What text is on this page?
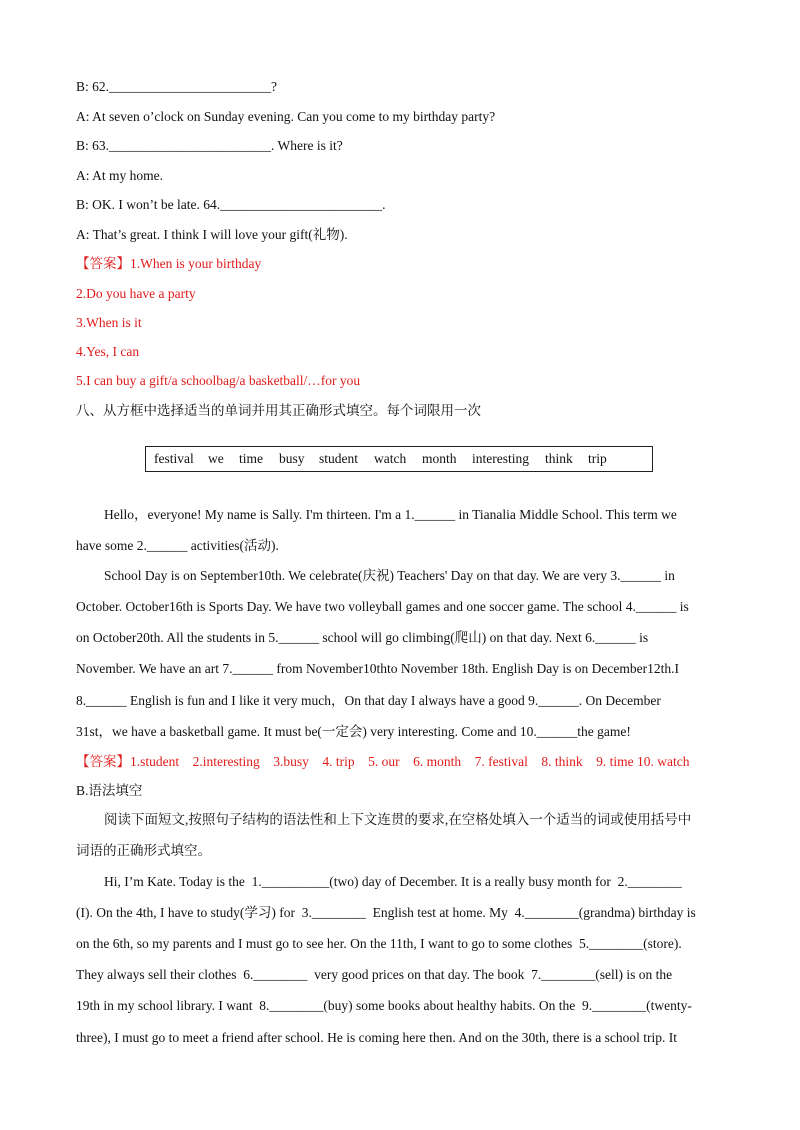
B: 62.________________________?
A: At seven o’clock on Sunday evening. Can you come to my birthday party?
B: 63.________________________. Where is it?
A: At my home.
B: OK. I won’t be late. 64.________________________.
A: That’s great. I think I will love your gift(礼物).
【答案】1.When is your birthday
2.Do you have a party
3.When is it
4.Yes, I can
5.I can buy a gift/a schoolbag/a basketball/…for you
八、从方框中选择适当的单词并用其正确形式填空。每个词限用一次
festival we time busy student watch month interesting think trip
Hello，everyone! My name is Sally. I'm thirteen. I'm a 1.______ in Tianalia Middle School. This term we
have some 2.______ activities(活动).
School Day is on September10th. We celebrate(庆祝) Teachers' Day on that day. We are very 3.______ in
October. October16th is Sports Day. We have two volleyball games and one soccer game. The school 4.______ is
on October20th. All the students in 5.______ school will go climbing(爬山) on that day. Next 6.______ is
November. We have an art 7.______ from November10thto November 18th. English Day is on December12th.I
8.______ English is fun and I like it very much，On that day I always have a good 9.______. On December
31st，we have a basketball game. It must be(一定会) very interesting. Come and 10.______the game!
【答案】1.student    2.interesting    3.busy    4. trip    5. our    6. month    7. festival    8. think    9. time 10. watch
B.语法填空
阅读下面短文,按照句子结构的语法性和上下文连贯的要求,在空格处填入一个适当的词或使用括号中
词语的正确形式填空。
Hi, I’m Kate. Today is the  1.__________(two) day of December. It is a really busy month for  2.________
(I). On the 4th, I have to study(学习) for  3.________  English test at home. My  4.________(grandma) birthday is
on the 6th, so my parents and I must go to see her. On the 11th, I want to go to some clothes  5.________(store).
They always sell their clothes  6.________  very good prices on that day. The book  7.________(sell) is on the
19th in my school library. I want  8.________(buy) some books about healthy habits. On the  9.________(twenty-
three), I must go to meet a friend after school. He is coming here then. And on the 30th, there is a school trip. It
